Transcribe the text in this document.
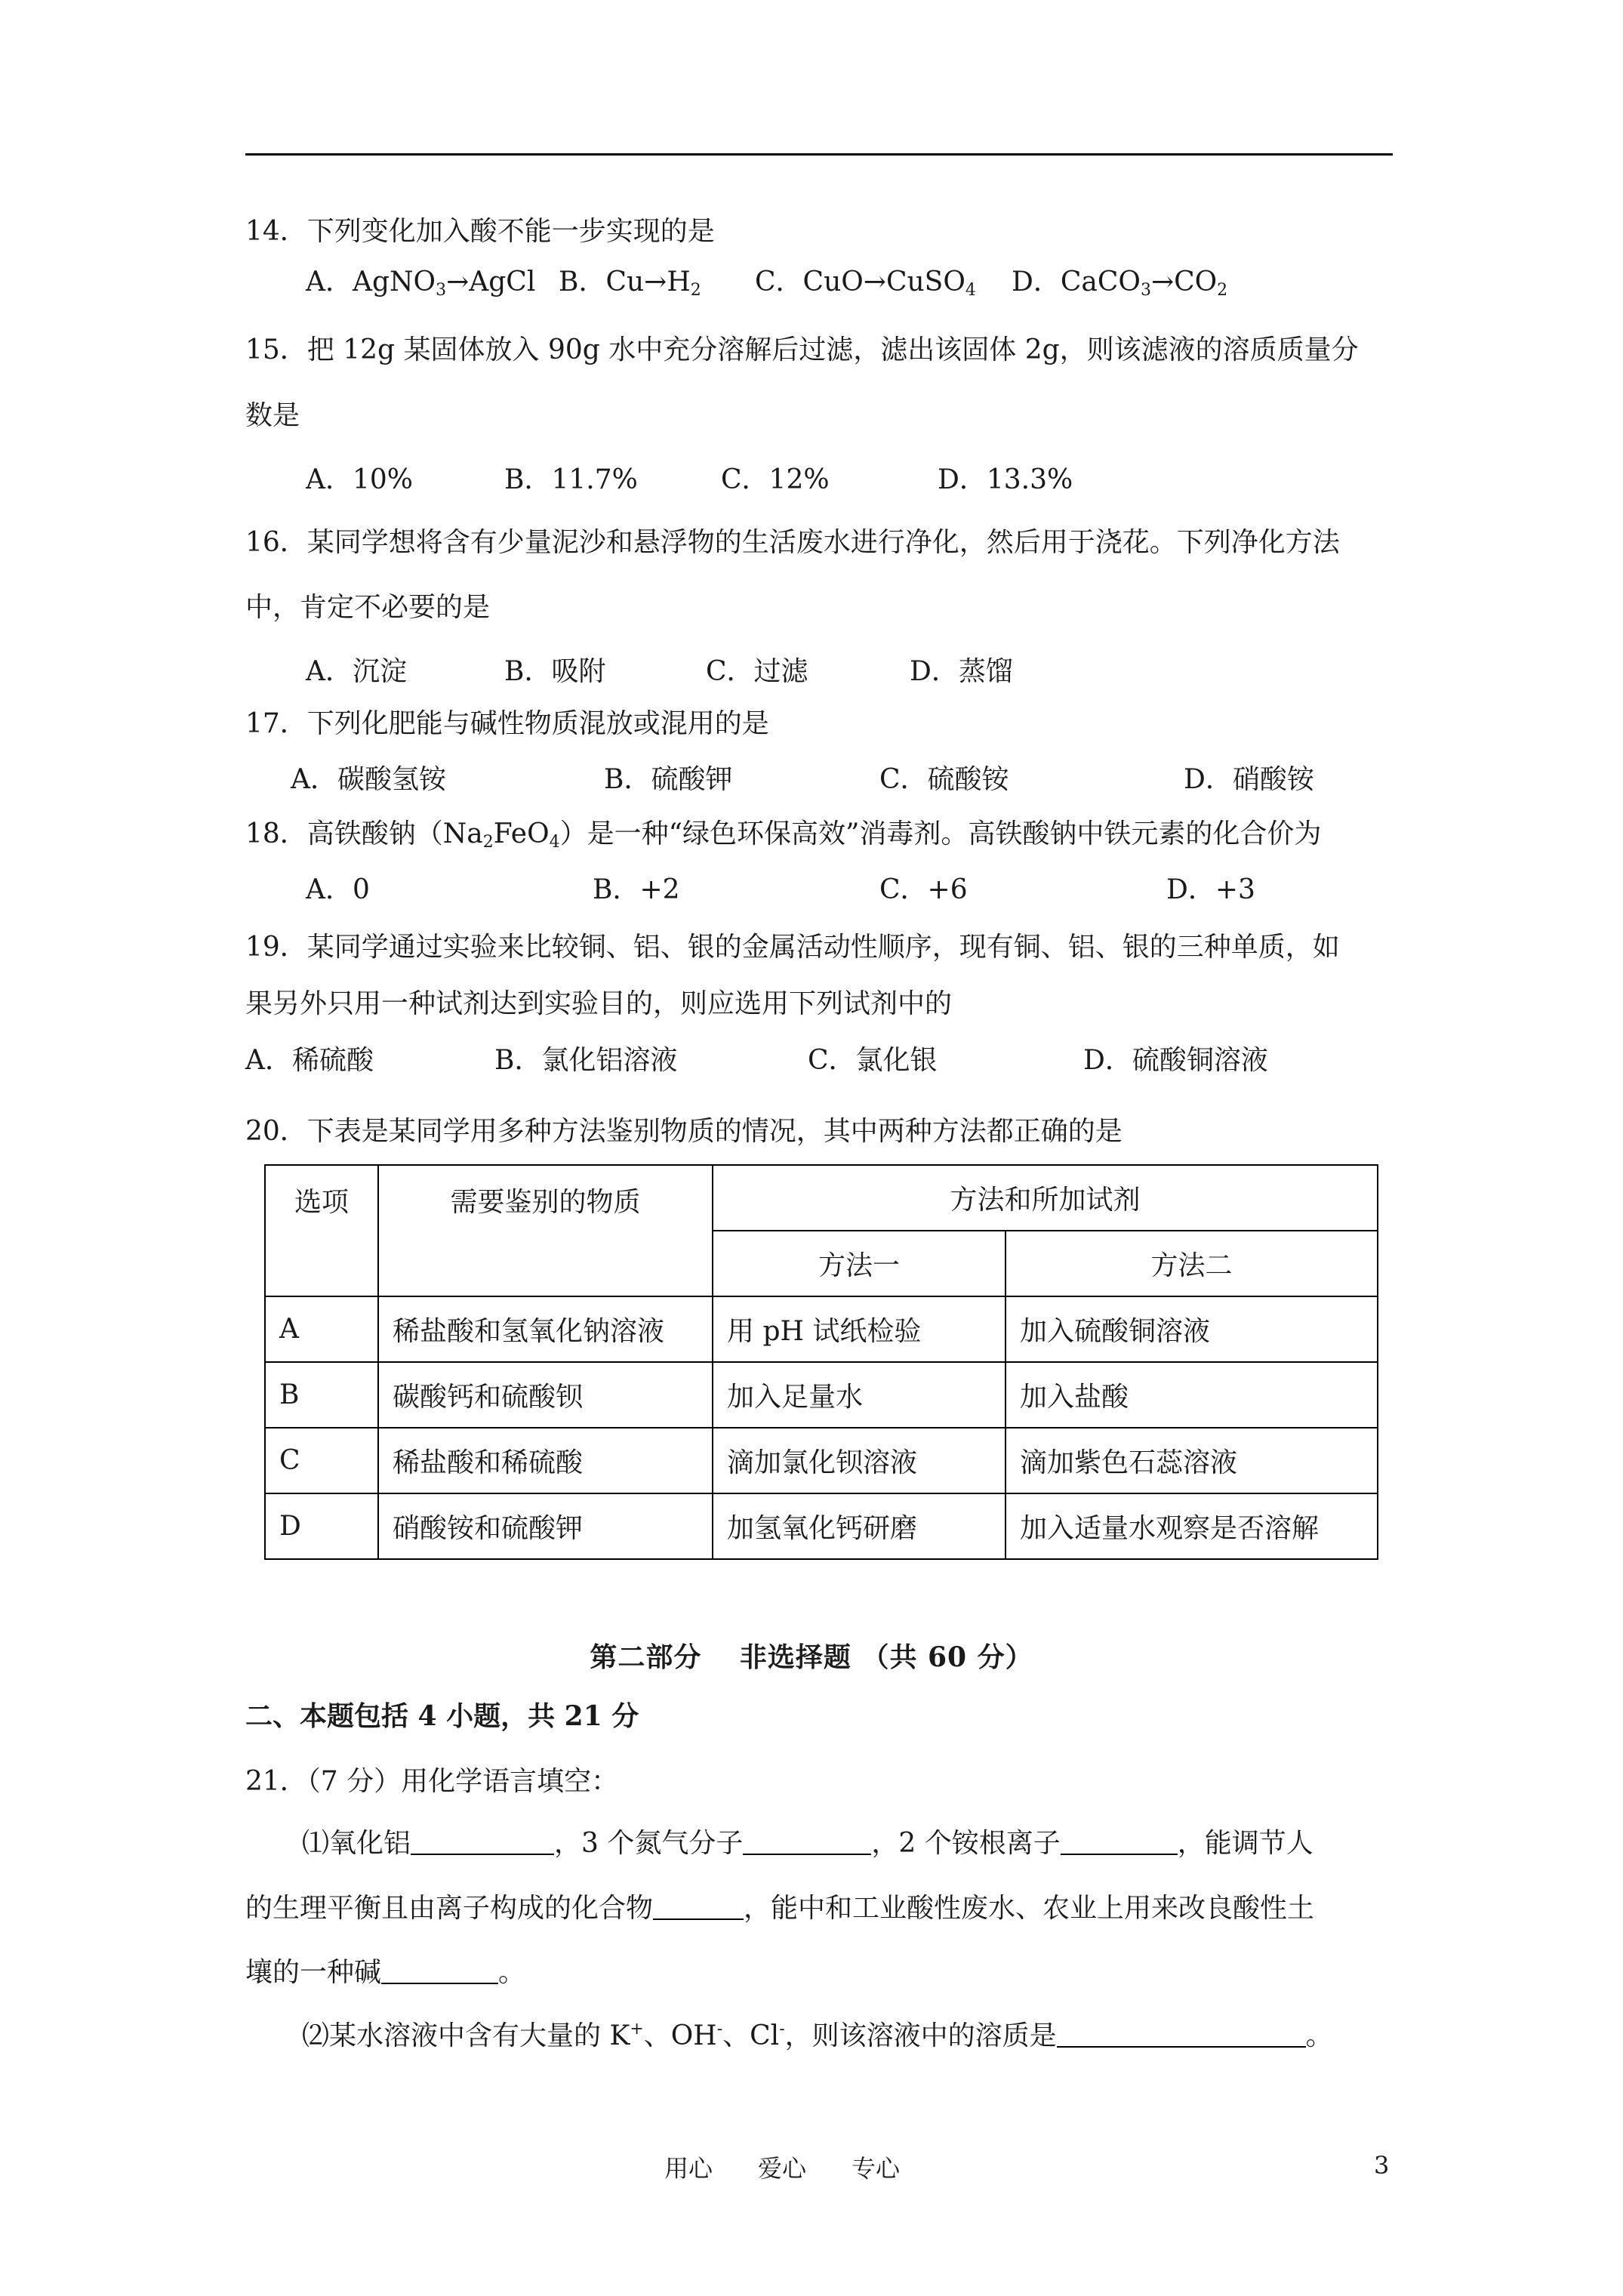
14．下列变化加入酸不能一步实现的是
A．AgNO$_3$→AgCl B．$Cu\to H_2$ C．CuO→CuSO$_4$ D．$CaCO_3\to CO_2$
15．把 12g 某固体放入 90g 水中充分溶解后过滤，滤出该固体 2g，则该滤液的溶质质量分
数是
A．10%	B．11.7%	C．12%	D．13.3%
16．某同学想将含有少量泥沙和悬浮物的生活废水进行净化，然后用于浇花。下列净化方法
中，肯定不必要的是
A．沉淀	B．吸附	C．过滤	D．蒸馏
17．下列化肥能与碱性物质混放或混用的是
A．碳酸氢铵	B．硫酸钾	C．硫酸铵	D．硝酸铵
18．高铁酸钠$(Na_2FeO_4)$是一种“绿色环保高效”消毒剂。高铁酸钠中铁元素的化合价为
A．0	B．+2	C．+6	D．+3
19．某同学通过实验来比较铜、铝、银的金属活动性顺序，现有铜、铝、银的三种单质，如
果另外只用一种试剂达到实验目的，则应选用下列试剂中的
A．稀硫酸	B．氯化铝溶液	C．氯化银	D．硫酸铜溶液
20．下表是某同学用多种方法鉴别物质的情况，其中两种方法都正确的是
选项	需要鉴别的物质	方法和所加试剂	
		方法一	方法二
A	稀盐酸和氢氧化钠溶液	用 pH 试纸检验	加入硫酸铜溶液
B	碳酸钙和硫酸钡	加入足量水	加入盐酸
C	稀盐酸和稀硫酸	滴加氯化钡溶液	滴加紫色石蕊溶液
D	硝酸铵和硫酸钾	加氢氧化钙研磨	加入适量水观察是否溶解
第二部分　 非选择题 （共 60 分）
二、本题包括 4 小题，共 21 分
21．（7 分）用化学语言填空：
⑴氧化铝	，3 个氮气分子	，2 个铵根离子	，能调节人
的生理平衡且由离子构成的化合物	，能中和工业酸性废水、农业上用来改良酸性土
壤的一种碱	。
⑵某水溶液中含有大量的 K+、OH-、Cl-，则该溶液中的溶质是	。
用心 爱心 专心	3
